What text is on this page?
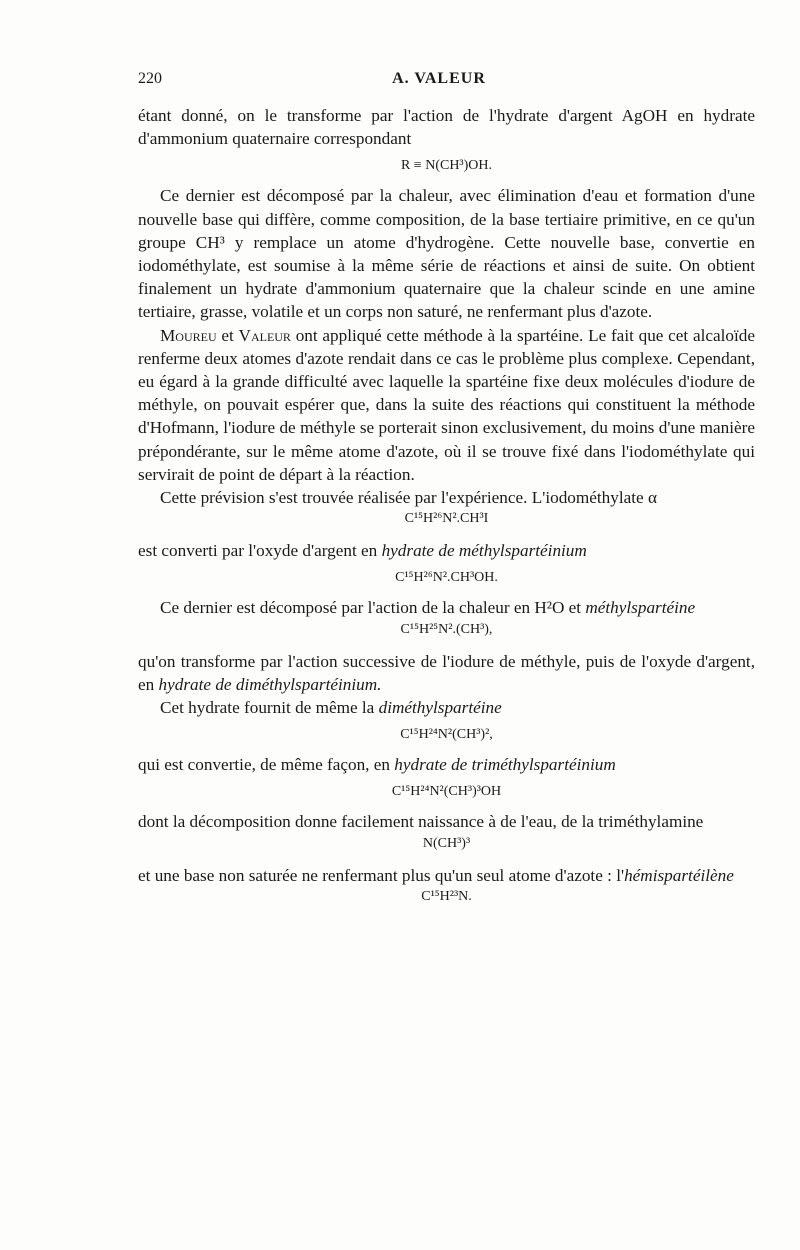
220	A. VALEUR

étant donné, on le transforme par l'action de l'hydrate d'argent AgOH en hydrate d'ammonium quaternaire correspondant

R ≡ N(CH³)OH.

Ce dernier est décomposé par la chaleur, avec élimination d'eau et formation d'une nouvelle base qui diffère, comme composition, de la base tertiaire primitive, en ce qu'un groupe CH³ y remplace un atome d'hydrogène. Cette nouvelle base, convertie en iodométhylate, est soumise à la même série de réactions et ainsi de suite. On obtient finalement un hydrate d'ammonium quaternaire que la chaleur scinde en une amine tertiaire, grasse, volatile et un corps non saturé, ne renfermant plus d'azote.

Moureu et Valeur ont appliqué cette méthode à la spartéine. Le fait que cet alcaloïde renferme deux atomes d'azote rendait dans ce cas le problème plus complexe. Cependant, eu égard à la grande difficulté avec laquelle la spartéine fixe deux molécules d'iodure de méthyle, on pouvait espérer que, dans la suite des réactions qui constituent la méthode d'Hofmann, l'iodure de méthyle se porterait sinon exclusivement, du moins d'une manière prépondérante, sur le même atome d'azote, où il se trouve fixé dans l'iodométhylate qui servirait de point de départ à la réaction.

Cette prévision s'est trouvée réalisée par l'expérience. L'iodométhylate α

C¹⁵H²⁶N².CH³I

est converti par l'oxyde d'argent en hydrate de méthylspartéinium

C¹⁵H²⁶N².CH³OH.

Ce dernier est décomposé par l'action de la chaleur en H²O et méthylspartéine

C¹⁵H²⁵N².(CH³),

qu'on transforme par l'action successive de l'iodure de méthyle, puis de l'oxyde d'argent, en hydrate de diméthylspartéinium.

Cet hydrate fournit de même la diméthylspartéine

C¹⁵H²⁴N²(CH³)²,

qui est convertie, de même façon, en hydrate de triméthylspartéinium

C¹⁵H²⁴N²(CH³)³OH

dont la décomposition donne facilement naissance à de l'eau, de la triméthylamine

N(CH³)³

et une base non saturée ne renfermant plus qu'un seul atome d'azote : l'hémispartéilène

C¹⁵H²³N.
